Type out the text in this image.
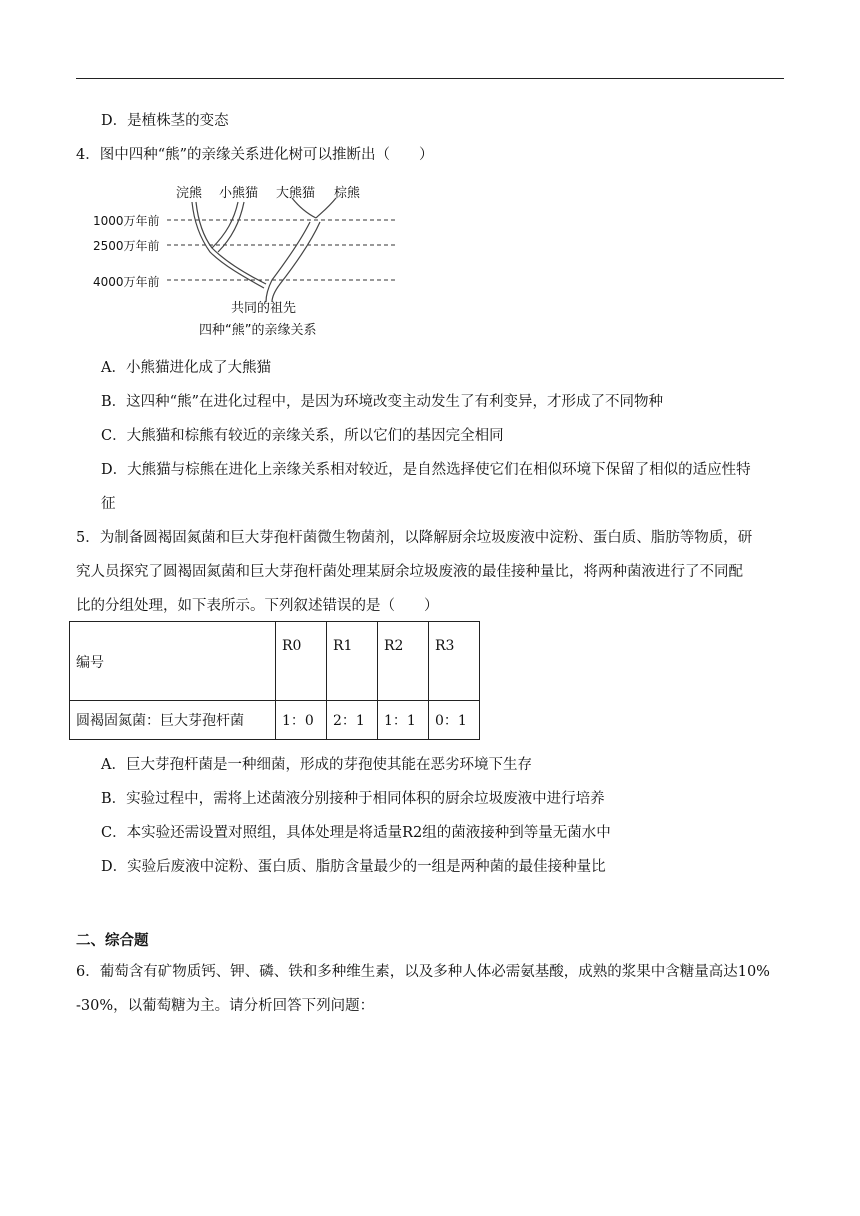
D．是植株茎的变态
4．图中四种“熊”的亲缘关系进化树可以推断出（　　）
浣熊 小熊猫 大熊猫 棕熊
1000万年前
2500万年前
4000万年前
共同的祖先
四种“熊”的亲缘关系
A．小熊猫进化成了大熊猫
B．这四种“熊”在进化过程中，是因为环境改变主动发生了有利变异，才形成了不同物种
C．大熊猫和棕熊有较近的亲缘关系，所以它们的基因完全相同
D．大熊猫与棕熊在进化上亲缘关系相对较近，是自然选择使它们在相似环境下保留了相似的适应性特
征
5．为制备圆褐固氮菌和巨大芽孢杆菌微生物菌剂，以降解厨余垃圾废液中淀粉、蛋白质、脂肪等物质，研
究人员探究了圆褐固氮菌和巨大芽孢杆菌处理某厨余垃圾废液的最佳接种量比，将两种菌液进行了不同配
比的分组处理，如下表所示。下列叙述错误的是（　　）
编号	R0	R1	R2	R3

圆褐固氮菌：巨大芽孢杆菌	1：0	2：1	1：1	0：1
A．巨大芽孢杆菌是一种细菌，形成的芽孢使其能在恶劣环境下生存
B．实验过程中，需将上述菌液分别接种于相同体积的厨余垃圾废液中进行培养
C．本实验还需设置对照组，具体处理是将适量R2组的菌液接种到等量无菌水中
D．实验后废液中淀粉、蛋白质、脂肪含量最少的一组是两种菌的最佳接种量比
二、综合题
6．葡萄含有矿物质钙、钾、磷、铁和多种维生素，以及多种人体必需氨基酸，成熟的浆果中含糖量高达10%
-30%，以葡萄糖为主。请分析回答下列问题：
